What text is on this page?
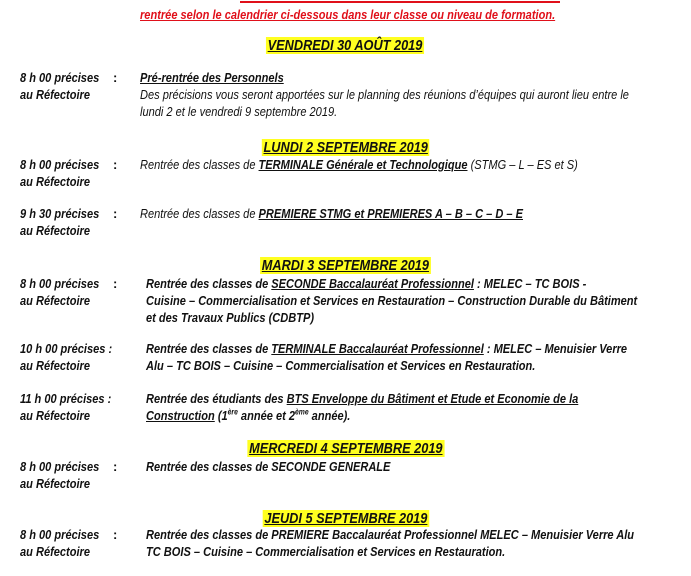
rentrée selon le calendrier ci-dessous dans leur classe ou niveau de formation.
VENDREDI 30 AOÛT 2019
8 h 00 précises :
au Réfectoire
Pré-rentrée des Personnels
Des précisions vous seront apportées sur le planning des réunions d’équipes qui auront lieu entre le
lundi 2 et le vendredi 9 septembre 2019.
LUNDI 2 SEPTEMBRE 2019
8 h 00 précises :
au Réfectoire
Rentrée des classes de TERMINALE Générale et Technologique (STMG – L – ES et S)
9 h 30 précises :
au Réfectoire
Rentrée des classes de PREMIERE STMG et PREMIERES A – B – C – D – E
MARDI 3 SEPTEMBRE 2019
8 h 00 précises :
au Réfectoire
Rentrée des classes de SECONDE Baccalauréat Professionnel : MELEC – TC BOIS -
Cuisine – Commercialisation et Services en Restauration – Construction Durable du Bâtiment
et des Travaux Publics (CDBTP)
10 h 00 précises :
au Réfectoire
Rentrée des classes de TERMINALE Baccalauréat Professionnel : MELEC – Menuisier Verre
Alu – TC BOIS – Cuisine – Commercialisation et Services en Restauration.
11 h 00 précises :
au Réfectoire
Rentrée des étudiants des BTS Enveloppe du Bâtiment et Etude et Economie de la
Construction (1ère année et 2ème année).
MERCREDI 4 SEPTEMBRE 2019
8 h 00 précises :
au Réfectoire
Rentrée des classes de SECONDE GENERALE
JEUDI 5 SEPTEMBRE 2019
8 h 00 précises :
au Réfectoire
Rentrée des classes de PREMIERE Baccalauréat Professionnel MELEC – Menuisier Verre Alu
TC BOIS – Cuisine – Commercialisation et Services en Restauration.
